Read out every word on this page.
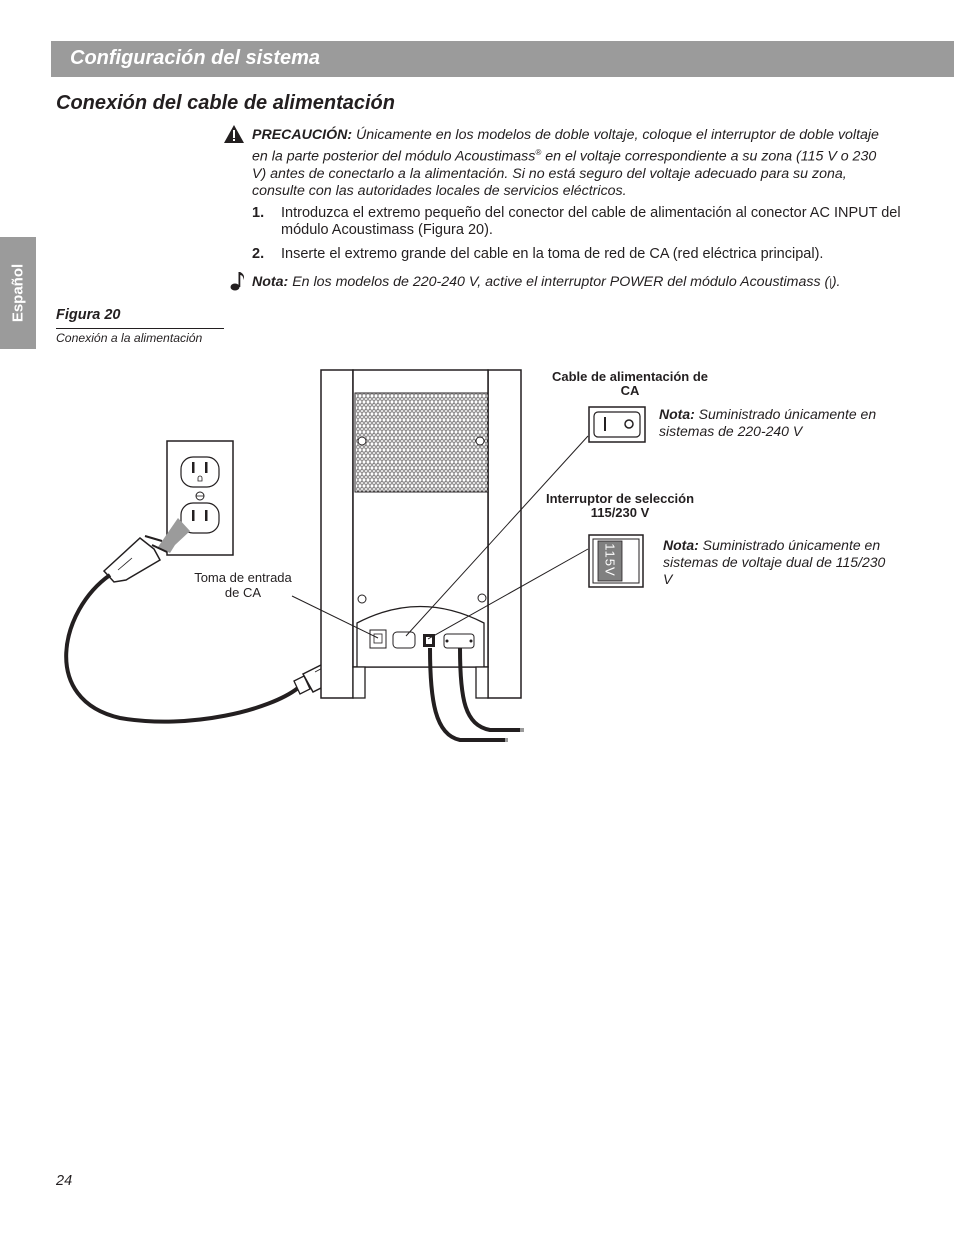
Configuración del sistema
Español
Conexión del cable de alimentación
PRECAUCIÓN: Únicamente en los modelos de doble voltaje, coloque el interruptor de doble voltaje en la parte posterior del módulo Acoustimass® en el voltaje correspondiente a su zona (115 V o 230 V) antes de conectarlo a la alimentación. Si no está seguro del voltaje adecuado para su zona, consulte con las autoridades locales de servicios eléctricos.
1. Introduzca el extremo pequeño del conector del cable de alimentación al conector AC INPUT del módulo Acoustimass (Figura 20).
2. Inserte el extremo grande del cable en la toma de red de CA (red eléctrica principal).
Nota: En los modelos de 220-240 V, active el interruptor POWER del módulo Acoustimass (|).
Figura 20
Conexión a la alimentación
115V
Cable de alimentación de CA
Nota: Suministrado únicamente en sistemas de 220-240 V
Interruptor de selección 115/230 V
Nota: Suministrado únicamente en sistemas de voltaje dual de 115/230 V
Toma de entrada de CA
24
